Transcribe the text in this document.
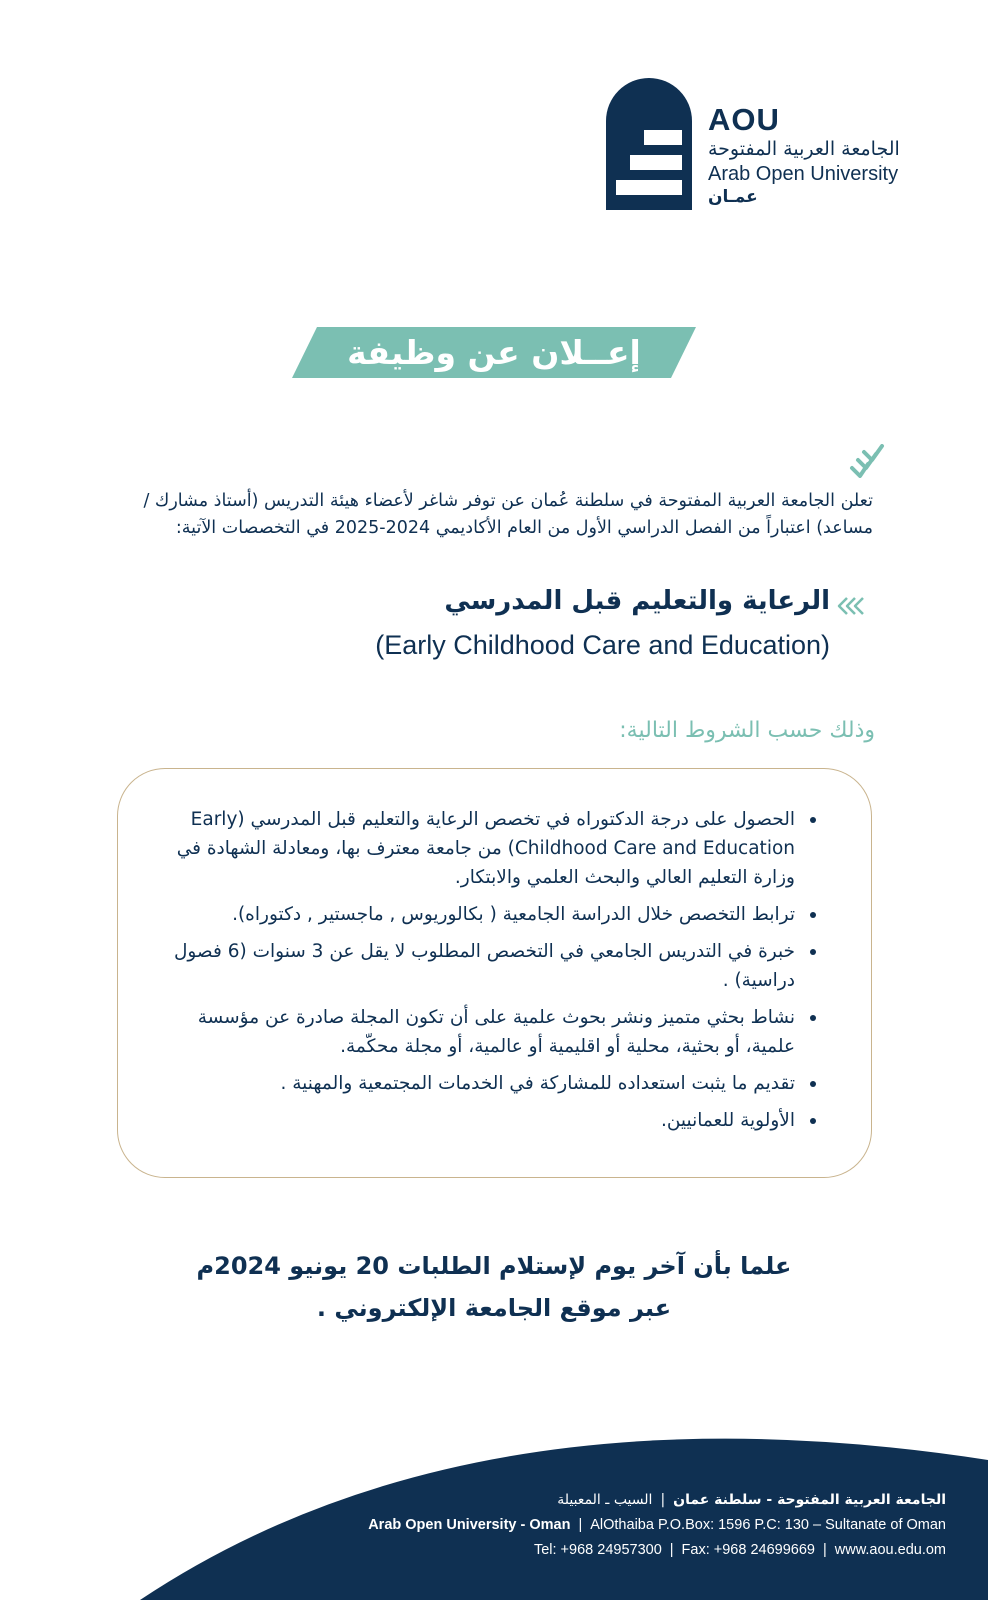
AOU
الجامعة العربية المفتوحة
Arab Open University
عمـان
إعــلان عن وظيفة
تعلن الجامعة العربية المفتوحة في سلطنة عُمان عن توفر شاغر لأعضاء هيئة التدريس (أستاذ مشارك /مساعد) اعتباراً من الفصل الدراسي الأول من العام الأكاديمي 2024-2025 في التخصصات الآتية:
الرعاية والتعليم قبل المدرسي
(Early Childhood Care and Education)
وذلك حسب الشروط التالية:
الحصول على درجة الدكتوراه في تخصص الرعاية والتعليم قبل المدرسي (Early Childhood Care and Education) من جامعة معترف بها، ومعادلة الشهادة في وزارة التعليم العالي والبحث العلمي والابتكار.
ترابط التخصص خلال الدراسة الجامعية ( بكالوريوس , ماجستير , دكتوراه).
خبرة في التدريس الجامعي في التخصص المطلوب لا يقل عن 3 سنوات (6 فصول دراسية) .
نشاط بحثي متميز ونشر بحوث علمية على أن تكون المجلة صادرة عن مؤسسة علمية، أو بحثية، محلية أو اقليمية أو عالمية، أو مجلة محكّمة.
تقديم ما يثبت استعداده للمشاركة في الخدمات المجتمعية والمهنية .
الأولوية للعمانيين.
علما بأن آخر يوم لإستلام الطلبات 20 يونيو 2024م
عبر موقع الجامعة الإلكتروني .
الجامعة العربية المفتوحة - سلطنة عمان|السيب ـ المعبيلة
Arab Open University - Oman | AlOthaiba P.O.Box: 1596 P.C: 130 – Sultanate of Oman
Tel: +968 24957300 | Fax: +968 24699669 | www.aou.edu.om
